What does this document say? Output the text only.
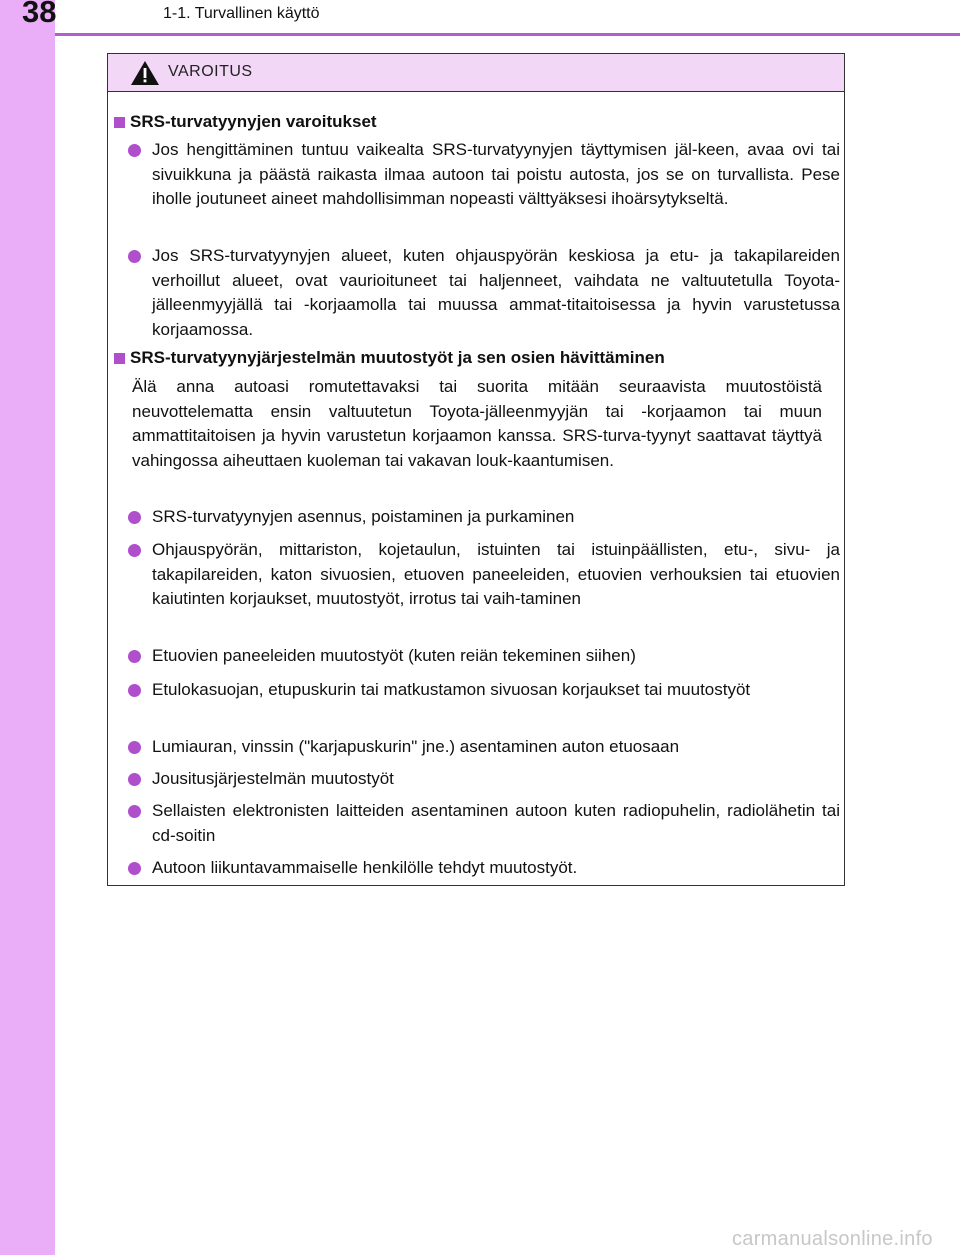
38	1-1. Turvallinen käyttö
VAROITUS
SRS-turvatyynyjen varoitukset
Jos hengittäminen tuntuu vaikealta SRS-turvatyynyjen täyttymisen jäl-keen, avaa ovi tai sivuikkuna ja päästä raikasta ilmaa autoon tai poistu autosta, jos se on turvallista. Pese iholle joutuneet aineet mahdollisimman nopeasti välttyäksesi ihoärsytykseltä.
Jos SRS-turvatyynyjen alueet, kuten ohjauspyörän keskiosa ja etu- ja takapilareiden verhoillut alueet, ovat vaurioituneet tai haljenneet, vaihdata ne valtuutetulla Toyota-jälleenmyyjällä tai -korjaamolla tai muussa ammat-titaitoisessa ja hyvin varustetussa korjaamossa.
SRS-turvatyynyjärjestelmän muutostyöt ja sen osien hävittäminen
Älä anna autoasi romutettavaksi tai suorita mitään seuraavista muutostöistä neuvottelematta ensin valtuutetun Toyota-jälleenmyyjän tai -korjaamon tai muun ammattitaitoisen ja hyvin varustetun korjaamon kanssa. SRS-turva-tyynyt saattavat täyttyä vahingossa aiheuttaen kuoleman tai vakavan louk-kaantumisen.
SRS-turvatyynyjen asennus, poistaminen ja purkaminen
Ohjauspyörän, mittariston, kojetaulun, istuinten tai istuinpäällisten, etu-, sivu- ja takapilareiden, katon sivuosien, etuoven paneeleiden, etuovien verhouksien tai etuovien kaiutinten korjaukset, muutostyöt, irrotus tai vaih-taminen
Etuovien paneeleiden muutostyöt (kuten reiän tekeminen siihen)
Etulokasuojan, etupuskurin tai matkustamon sivuosan korjaukset tai muutostyöt
Lumiauran, vinssin ("karjapuskurin" jne.) asentaminen auton etuosaan
Jousitusjärjestelmän muutostyöt
Sellaisten elektronisten laitteiden asentaminen autoon kuten radiopuhelin, radiolähetin tai cd-soitin
Autoon liikuntavammaiselle henkilölle tehdyt muutostyöt.
carmanualsonline.info
